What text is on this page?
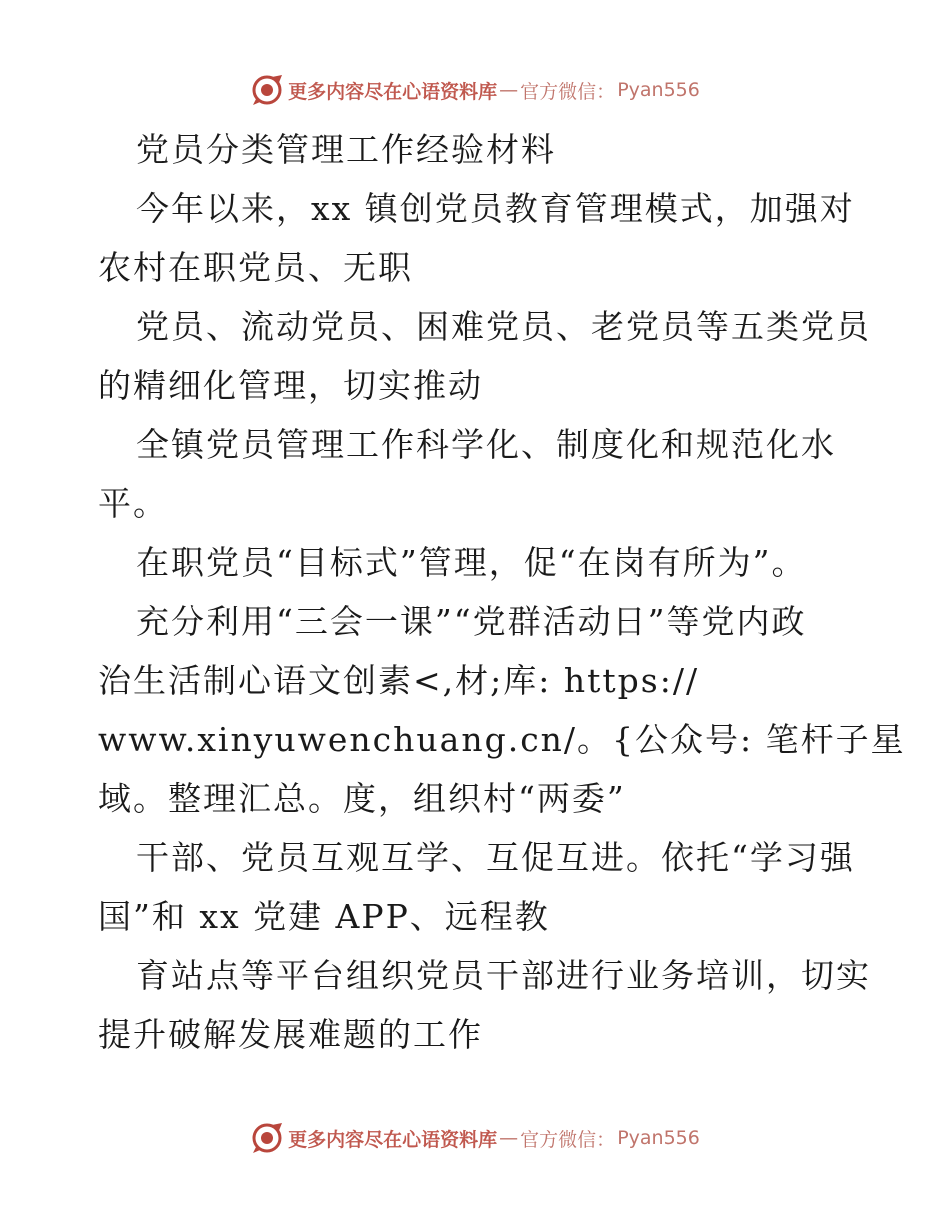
更多内容尽在心语资料库 — 官方微信： Pyan556
党员分类管理工作经验材料
今年以来，xx 镇创党员教育管理模式，加强对
农村在职党员、无职
党员、流动党员、困难党员、老党员等五类党员
的精细化管理，切实推动
全镇党员管理工作科学化、制度化和规范化水
平。
在职党员“目标式”管理，促“在岗有所为”。
充分利用“三会一课”“党群活动日”等党内政
治生活制心语文创素<,材;库: https://
www.xinyuwenchuang.cn/。{公众号: 笔杆子星
域。整理汇总。度，组织村“两委”
干部、党员互观互学、互促互进。依托“学习强
国”和 xx 党建 APP、远程教
育站点等平台组织党员干部进行业务培训，切实
提升破解发展难题的工作
更多内容尽在心语资料库 — 官方微信： Pyan556
